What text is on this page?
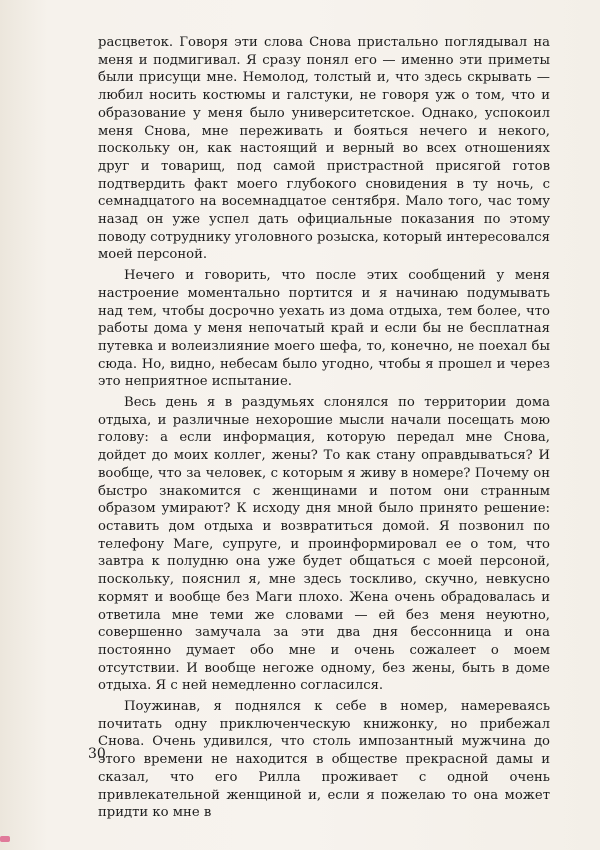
расцветок. Говоря эти слова Снова пристально поглядывал на меня и подмигивал. Я сразу понял его — именно эти приметы были присущи мне. Немолод, толстый и, что здесь скрывать — любил носить костюмы и галстуки, не говоря уж о том, что и образование у меня было университетское. Однако, успокоил меня Снова, мне переживать и бояться нечего и некого, поскольку он, как настоящий и верный во всех отношениях друг и товарищ, под самой пристрастной присягой готов подтвердить факт моего глубокого сновидения в ту ночь, с семнадцатого на восемнадцатое сентября. Мало того, час тому назад он уже успел дать официальные показания по этому поводу сотруднику уголовного розыска, который интересовался моей персоной.

Нечего и говорить, что после этих сообщений у меня настроение моментально портится и я начинаю подумывать над тем, чтобы досрочно уехать из дома отдыха, тем более, что работы дома у меня непочатый край и если бы не бесплатная путевка и волеизлияние моего шефа, то, конечно, не поехал бы сюда. Но, видно, небесам было угодно, чтобы я прошел и через это неприятное испытание.

Весь день я в раздумьях слонялся по территории дома отдыха, и различные нехорошие мысли начали посещать мою голову: а если информация, которую передал мне Снова, дойдет до моих коллег, жены? То как стану оправдываться? И вообще, что за человек, с которым я живу в номере? Почему он быстро знакомится с женщинами и потом они странным образом умирают? К исходу дня мной было принято решение: оставить дом отдыха и возвратиться домой. Я позвонил по телефону Маге, супруге, и проинформировал ее о том, что завтра к полудню она уже будет общаться с моей персоной, поскольку, пояснил я, мне здесь тоскливо, скучно, невкусно кормят и вообще без Маги плохо. Жена очень обрадовалась и ответила мне теми же словами — ей без меня неуютно, совершенно замучала за эти два дня бессонница и она постоянно думает обо мне и очень сожалеет о моем отсутствии. И вообще негоже одному, без жены, быть в доме отдыха. Я с ней немедленно согласился.

Поужинав, я поднялся к себе в номер, намереваясь почитать одну приключенческую книжонку, но прибежал Снова. Очень удивился, что столь импозантный мужчина до этого времени не находится в обществе прекрасной дамы и сказал, что его Рилла проживает с одной очень привлекательной женщиной и, если я пожелаю то она может придти ко мне в

30
